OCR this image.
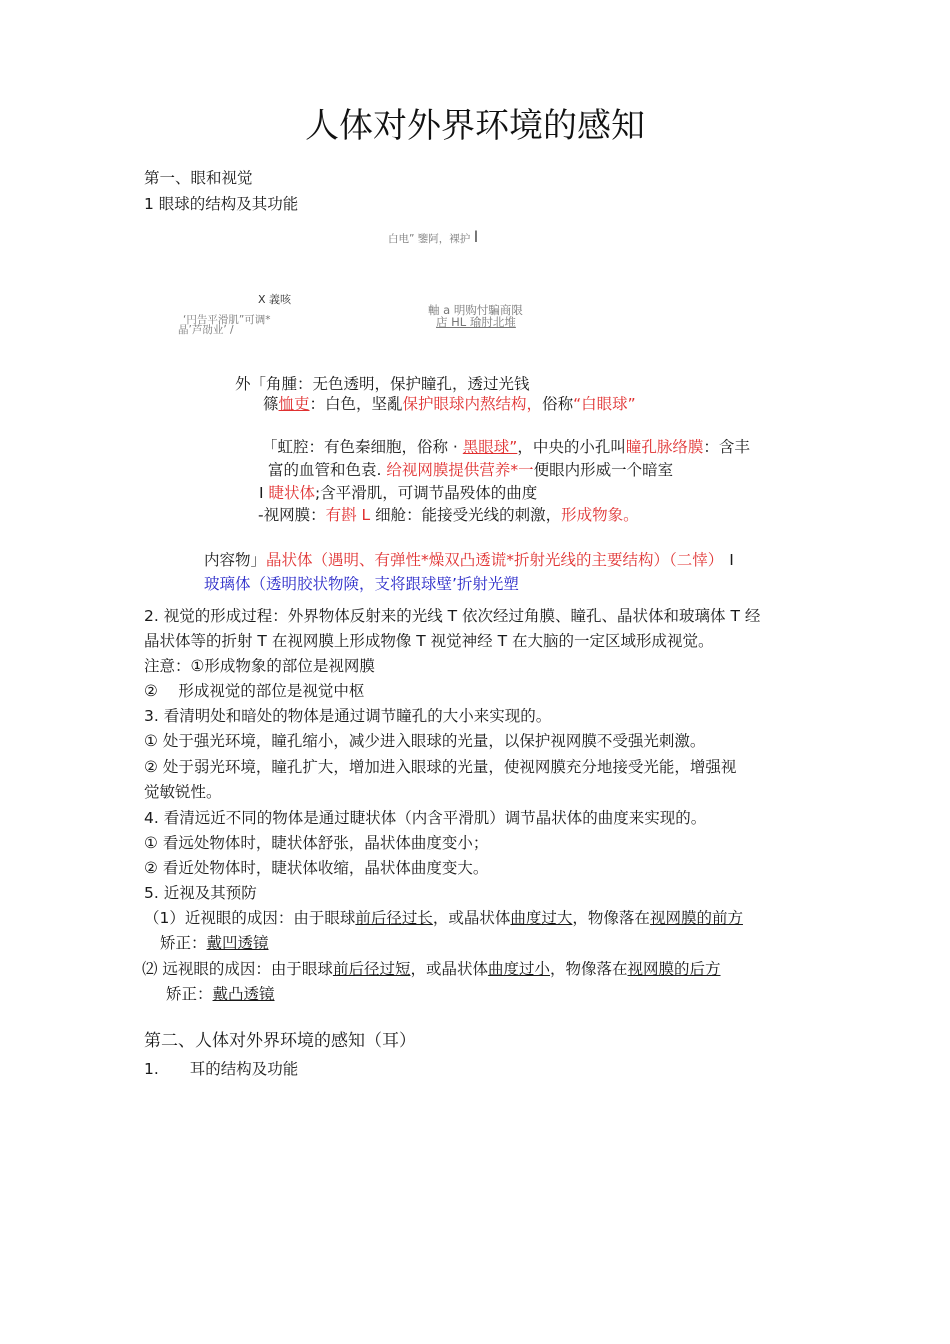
人体对外界环境的感知
第一、眼和视觉
1 眼球的结构及其功能
白电” 鑒阿，裸护 I
X 義咳
‘円告平滑肌”可调*
晶’芦劭业’ /
軸 a 明购忖騙商限
店 HL 瑜肘北堆
外「角腫：无色透明，保护瞳孔，透过光钱
篠恤吏：白色，坚亂保护眼球内熬结构，俗称“白眼球”
「虹腔：有色秦细胞，俗称 · 黑眼球”，中央的小孔叫瞳孔脉络膜：含丰
富的血管和色袁. 给视网膜提供营养*一便眼内形威一个暗室
I 睫状体;含平滑肌，可调节晶殁体的曲度
-视网膜：有斟 L 细舱：能接受光线的刺激，形成物象。
内容物」晶状体（遇明、有弹性*燥双凸透谎*折射光线的主要结构）（二悻） I
玻璃体（透明胶状物険，支将跟球壁’折射光塑
2. 视觉的形成过程：外界物体反射来的光线 T 依次经过角膜、瞳孔、晶状体和玻璃体 T 经
晶状体等的折射 T 在视网膜上形成物像 T 视觉神经 T 在大脑的一定区域形成视觉。
注意：①形成物象的部位是视网膜
②　 形成视觉的部位是视觉中枢
3. 看清明处和暗处的物体是通过调节瞳孔的大小来实现的。
① 处于强光环境，瞳孔缩小，减少进入眼球的光量，以保护视网膜不受强光刺激。
② 处于弱光环境，瞳孔扩大，增加进入眼球的光量，使视网膜充分地接受光能，增强视
觉敏锐性。
4. 看清远近不同的物体是通过睫状体（内含平滑肌）调节晶状体的曲度来实现的。
① 看远处物体时，睫状体舒张，晶状体曲度变小；
② 看近处物体时，睫状体收缩，晶状体曲度变大。
5. 近视及其预防
（1）近视眼的成因：由于眼球前后径过长，或晶状体曲度过大，物像落在视网膜的前方
矫正：戴凹透镜
⑵ 远视眼的成因：由于眼球前后径过短，或晶状体曲度过小，物像落在视网膜的后方
矫正：戴凸透镜
第二、人体对外界环境的感知（耳）
1.　　耳的结构及功能
